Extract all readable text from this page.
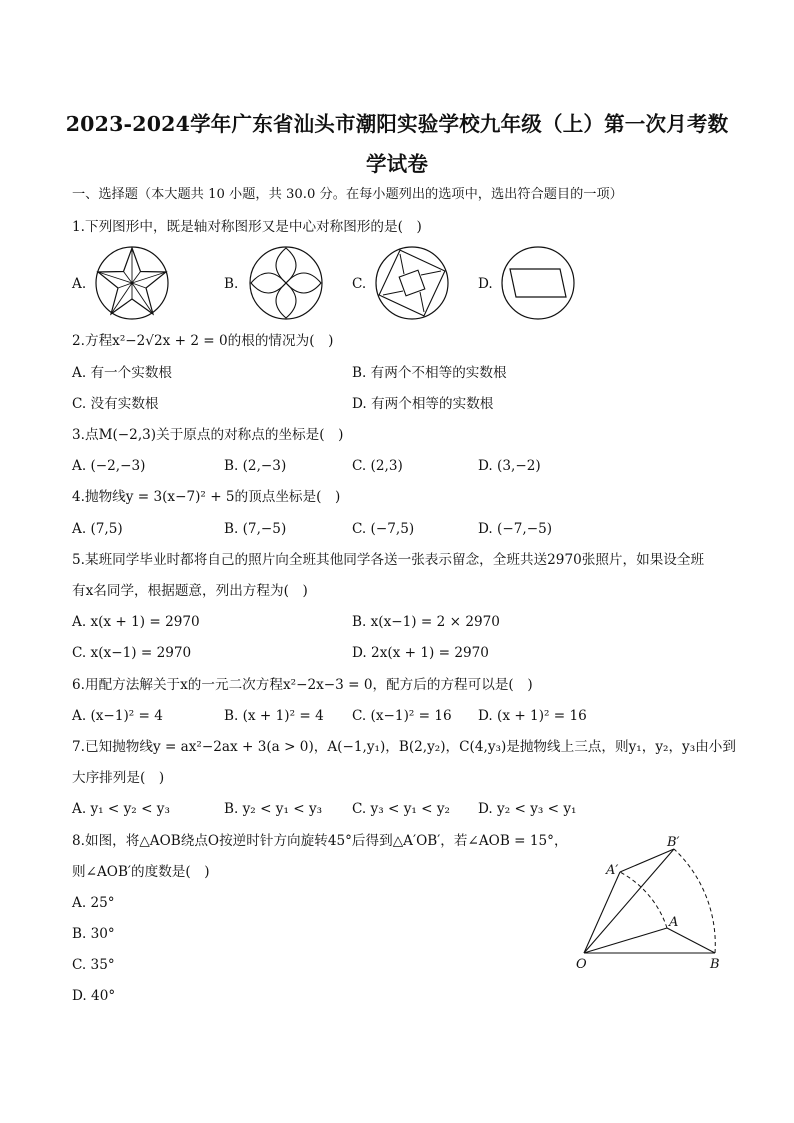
2023-2024学年广东省汕头市潮阳实验学校九年级（上）第一次月考数
学试卷
一、选择题（本大题共 10 小题，共 30.0 分。在每小题列出的选项中，选出符合题目的一项）
1.下列图形中，既是轴对称图形又是中心对称图形的是(　)
A.	B.	C.	D.
2.方程x²−2√2x + 2 = 0的根的情况为(　)
A. 有一个实数根	B. 有两个不相等的实数根
C. 没有实数根	D. 有两个相等的实数根
3.点M(−2,3)关于原点的对称点的坐标是(　)
A. (−2,−3)	B. (2,−3)	C. (2,3)	D. (3,−2)
4.抛物线y = 3(x−7)² + 5的顶点坐标是(　)
A. (7,5)	B. (7,−5)	C. (−7,5)	D. (−7,−5)
5.某班同学毕业时都将自己的照片向全班其他同学各送一张表示留念，全班共送2970张照片，如果设全班
有x名同学，根据题意，列出方程为(　)
A. x(x + 1) = 2970	B. x(x−1) = 2 × 2970
C. x(x−1) = 2970	D. 2x(x + 1) = 2970
6.用配方法解关于x的一元二次方程x²−2x−3 = 0，配方后的方程可以是(　)
A. (x−1)² = 4	B. (x + 1)² = 4 C. (x−1)² = 16 D. (x + 1)² = 16
7.已知抛物线y = ax²−2ax + 3(a > 0)，A(−1,y₁)，B(2,y₂)，C(4,y₃)是抛物线上三点，则y₁，y₂，y₃由小到
大序排列是(　)
A. y₁ < y₂ < y₃	B. y₂ < y₁ < y₃ C. y₃ < y₁ < y₂ D. y₂ < y₃ < y₁
8.如图，将△AOB绕点O按逆时针方向旋转45°后得到△A′OB′，若∠AOB = 15°，
则∠AOB′的度数是(　)
A. 25°
B. 30°
C. 35°
D. 40°
O	B
A
A′
B′
